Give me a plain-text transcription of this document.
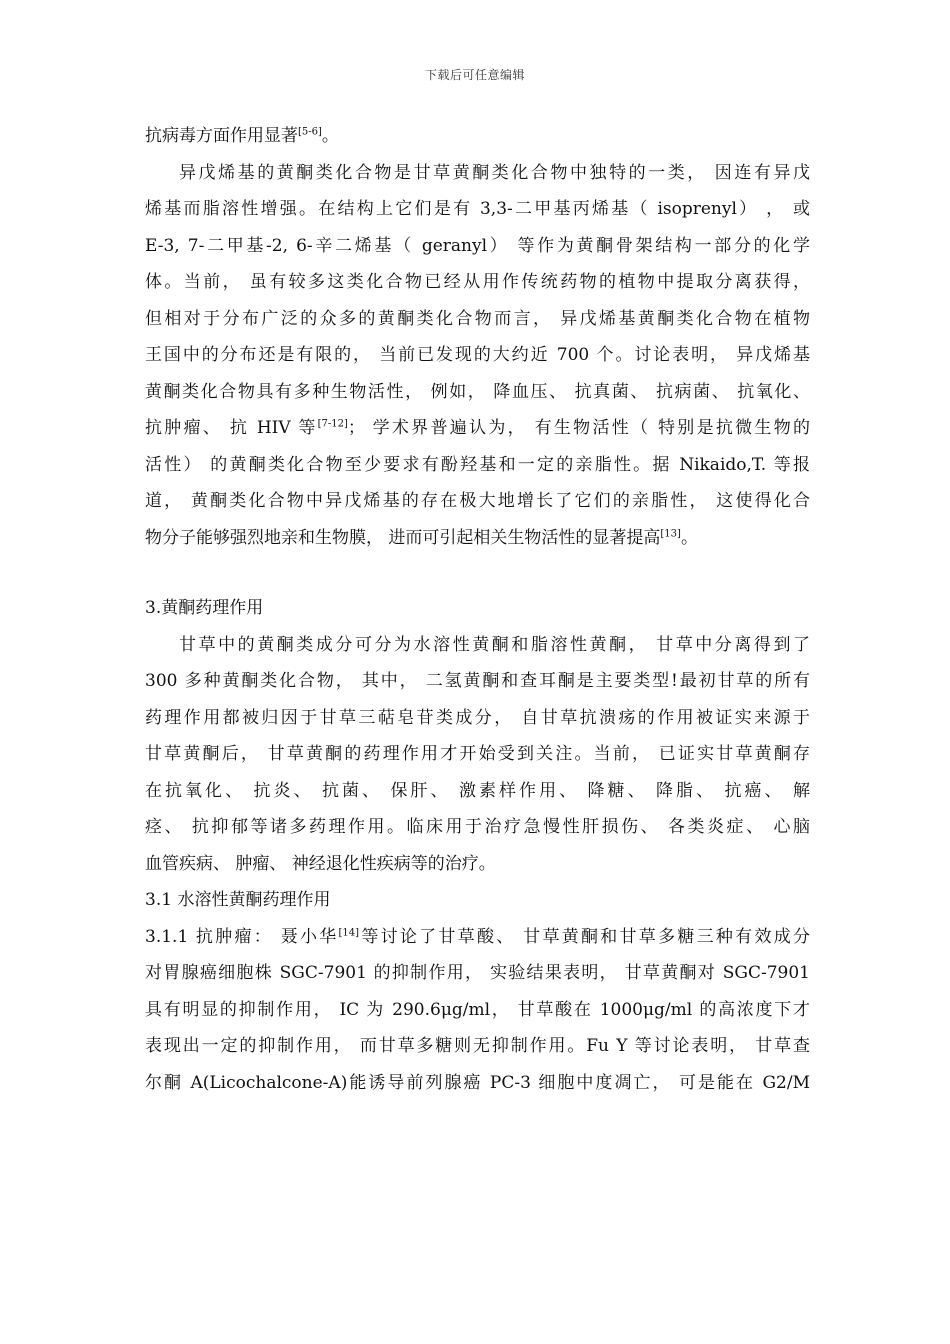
下载后可任意编辑
抗病毒方面作用显著[5-6]。
异戊烯基的黄酮类化合物是甘草黄酮类化合物中独特的一类， 因连有异戊
烯基而脂溶性增强。在结构上它们是有 3,3-二甲基丙烯基（ isoprenyl） ， 或
E-3, 7-二甲基-2, 6-辛二烯基（ geranyl） 等作为黄酮骨架结构一部分的化学
体。当前， 虽有较多这类化合物已经从用作传统药物的植物中提取分离获得，
但相对于分布广泛的众多的黄酮类化合物而言， 异戊烯基黄酮类化合物在植物
王国中的分布还是有限的， 当前已发现的大约近 700 个。讨论表明， 异戊烯基
黄酮类化合物具有多种生物活性， 例如， 降血压、 抗真菌、 抗病菌、 抗氧化、
抗肿瘤、 抗 HIV 等[7-12]； 学术界普遍认为， 有生物活性（ 特别是抗微生物的
活性） 的黄酮类化合物至少要求有酚羟基和一定的亲脂性。据 Nikaido,T. 等报
道， 黄酮类化合物中异戊烯基的存在极大地增长了它们的亲脂性， 这使得化合
物分子能够强烈地亲和生物膜， 进而可引起相关生物活性的显著提高[13]。
3.黄酮药理作用
甘草中的黄酮类成分可分为水溶性黄酮和脂溶性黄酮， 甘草中分离得到了
300 多种黄酮类化合物， 其中， 二氢黄酮和查耳酮是主要类型!最初甘草的所有
药理作用都被归因于甘草三萜皂苷类成分， 自甘草抗溃疡的作用被证实来源于
甘草黄酮后， 甘草黄酮的药理作用才开始受到关注。当前， 已证实甘草黄酮存
在抗氧化、 抗炎、 抗菌、 保肝、 激素样作用、 降糖、 降脂、 抗癌、 解
痉、 抗抑郁等诸多药理作用。临床用于治疗急慢性肝损伤、 各类炎症、 心脑
血管疾病、 肿瘤、 神经退化性疾病等的治疗。
3.1 水溶性黄酮药理作用
3.1.1 抗肿瘤： 聂小华[14]等讨论了甘草酸、 甘草黄酮和甘草多糖三种有效成分
对胃腺癌细胞株 SGC-7901 的抑制作用， 实验结果表明， 甘草黄酮对 SGC-7901
具有明显的抑制作用， IC 为 290.6μg/ml， 甘草酸在 1000μg/ml 的高浓度下才
表现出一定的抑制作用， 而甘草多糖则无抑制作用。Fu Y 等讨论表明， 甘草查
尔酮 A(Licochalcone-A)能诱导前列腺癌 PC-3 细胞中度凋亡， 可是能在 G2/M
